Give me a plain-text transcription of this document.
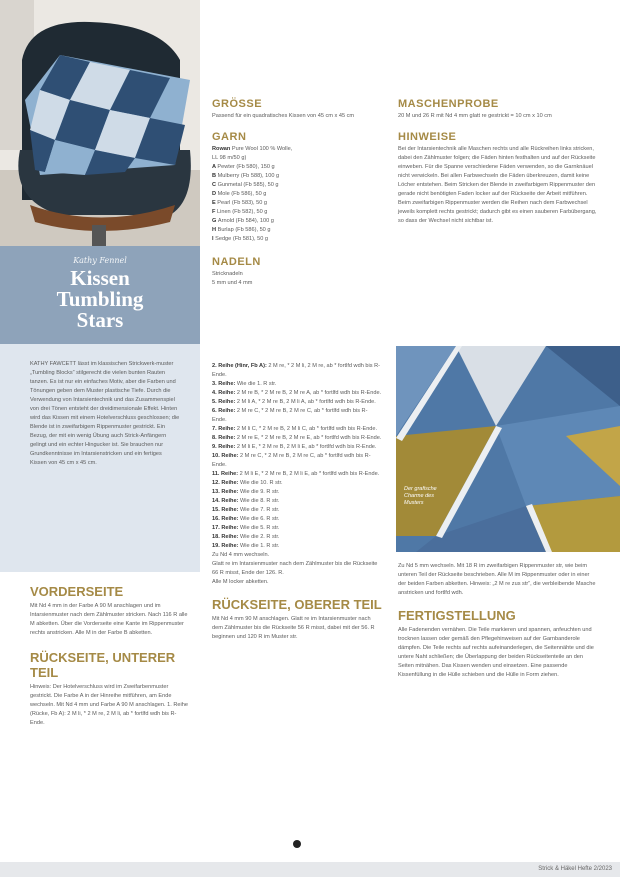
Kathy Fennel
Kissen
Tumbling
Stars

KATHY FAWCETT lässt im klassischen Strickwerk-muster „Tumbling Blocks“ stilgerecht die vielen bunten Rauten tanzen. Es ist nur ein einfaches Motiv, aber die Farben und Tönungen geben dem Muster plastische Tiefe. Durch die Verwendung von Intarsientechnik und das Zusammenspiel von drei Tönen entsteht der dreidimensionale Effekt. Hinten wird das Kissen mit einem Hotelverschluss geschlossen; die Blende ist in zweifarbigem Rippenmuster gestrickt. Ein Bezug, der mit ein wenig Übung auch Strick-Anfängern gelingt und ein echter Hingucker ist. Sie brauchen nur Grundkenntnisse im Intarsienstricken und ein fertiges Kissen von 45 cm x 45 cm.

GRÖSSE

Passend für ein quadratisches Kissen von 45 cm x 45 cm

GARN

Rowan Pure Wool 100 % Wolle,

LL 98 m/50 g)

A Pewter (Fb 580), 150 g

B Mulberry (Fb 588), 100 g

C Gunmetal (Fb 585), 50 g

D Mole (Fb 586), 50 g

E Pearl (Fb 583), 50 g

F Linen (Fb 582), 50 g

G Arnold (Fb 584), 100 g

H Burlap (Fb 586), 50 g

I Sedge (Fb 581), 50 g

NADELN

Stricknadeln

5 mm und 4 mm

MASCHENPROBE

20 M und 26 R mit Nd 4 mm glatt re gestrickt = 10 cm x 10 cm

HINWEISE

Bei der Intarsientechnik alle Maschen rechts und alle Rückreihen links stricken, dabei den Zählmuster folgen; die Fäden hinten festhalten und auf der Rückseite einweben. Für die Spanne verschiedene Fäden verwenden, so die Garnknäuel nicht verwickeln. Bei allen Farbwechseln die Fäden überkreuzen, damit keine Löcher entstehen. Beim Stricken der Blende in zweifarbigem Rippenmuster den gerade nicht benötigten Faden locker auf der Rückseite der Arbeit mitführen. Beim zweifarbigen Rippenmuster werden die Reihen nach dem Farbwechsel jeweils komplett rechts gestrickt; dadurch gibt es einen sauberen Farbübergang, so dass der Wechsel nicht sichtbar ist.

Der grafische
Charme des
Musters

VORDERSEITE

Mit Nd 4 mm in der Farbe A 90 M anschlagen und im Intarsienmuster nach dem Zählmuster stricken. Nach 116 R alle M abketten. Über die Vorderseite eine Kante im Rippenmuster rechts anstricken. Alle M in der Farbe B abketten.

RÜCKSEITE, UNTERER TEIL

Hinweis: Der Hotelverschluss wird im Zweifarbenmuster gestrickt. Die Farbe A in der Hinreihe mitführen, am Ende wechseln. Mit Nd 4 mm und Farbe A 90 M anschlagen. 1. Reihe (Rücke, Fb A): 2 M li, * 2 M re, 2 M li, ab * fortlfd wdh bis R-Ende.

2. Reihe (Hinr, Fb A): 2 M re, * 2 M li, 2 M re, ab * fortlfd wdh bis R-Ende.

3. Reihe: Wie die 1. R str.

4. Reihe: 2 M re B, * 2 M re B, 2 M re A, ab * fortlfd wdh bis R-Ende.

5. Reihe: 2 M li A, * 2 M re B, 2 M li A, ab * fortlfd wdh bis R-Ende.

6. Reihe: 2 M re C, * 2 M re B, 2 M re C, ab * fortlfd wdh bis R-Ende.

7. Reihe: 2 M li C, * 2 M re B, 2 M li C, ab * fortlfd wdh bis R-Ende.

8. Reihe: 2 M re E, * 2 M re B, 2 M re E, ab * fortlfd wdh bis R-Ende.

9. Reihe: 2 M li E, * 2 M re B, 2 M li E, ab * fortlfd wdh bis R-Ende.

10. Reihe: 2 M re C, * 2 M re B, 2 M re C, ab * fortlfd wdh bis R-Ende.

11. Reihe: 2 M li E, * 2 M re B, 2 M li E, ab * fortlfd wdh bis R-Ende.

12. Reihe: Wie die 10. R str.

13. Reihe: Wie die 9. R str.

14. Reihe: Wie die 8. R str.

15. Reihe: Wie die 7. R str.

16. Reihe: Wie die 6. R str.

17. Reihe: Wie die 5. R str.

18. Reihe: Wie die 2. R str.

19. Reihe: Wie die 1. R str.

Zu Nd 4 mm wechseln.

Glatt re im Intarsienmuster nach dem Zählmuster bis die Rückseite 66 R misst, Ende der 126. R.

Alle M locker abketten.

RÜCKSEITE, OBERER TEIL

Mit Nd 4 mm 90 M anschlagen. Glatt re im Intarsienmuster nach dem Zählmuster bis die Rückseite 56 R misst, dabei mit der 56. R beginnen und 120 R im Muster str.

Zu Nd 5 mm wechseln. Mit 18 R im zweifarbigen Rippenmuster str, wie beim unteren Teil der Rückseite beschrieben. Alle M im Rippenmuster oder in einer der beiden Farben abketten. Hinweis: „2 M re zus str“, die verbleibende Masche anstricken und fortlfd wdh.

FERTIGSTELLUNG

Alle Fadenenden vernähen. Die Teile markieren und spannen, anfeuchten und trocknen lassen oder gemäß den Pflegehinweisen auf der Garnbanderole dämpfen. Die Teile rechts auf rechts aufeinanderlegen, die Seitennähte und die untere Naht schließen; die Überlappung der beiden Rückseitenteile an den Seiten mitnähen. Das Kissen wenden und einsetzen. Eine passende Kissenfüllung in die Hülle schieben und die Hülle in Form ziehen.

Strick & Häkel Hefte 2/2023
